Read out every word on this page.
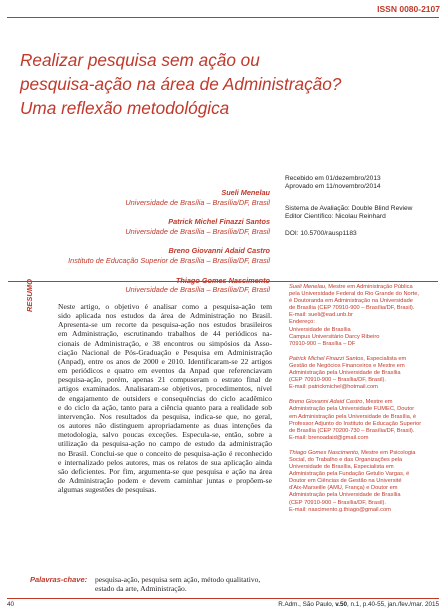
ISSN 0080-2107
Realizar pesquisa sem ação ou
pesquisa-ação na área de Administração?
Uma reflexão metodológica
Sueli Menelau
Universidade de Brasília – Brasília/DF, Brasil
Patrick Michel Finazzi Santos
Universidade de Brasília – Brasília/DF, Brasil
Breno Giovanni Adaid Castro
Instituto de Educação Superior de Brasília – Brasília/DF, Brasil
Universidade de Brasília – Brasília/DF, Brasil
Recebido em 01/dezembro/2013
Aprovado em 11/novembro/2014
Sistema de Avaliação: Double Blind Review
Editor Científico: Nicolau Reinhard
DOI: 10.5700/rausp1183
RESUMO	Neste artigo, o objetivo é analisar como a pesquisa-ação tem
sido aplicada nos estudos da área de Administração no Brasil.
Apresenta-se um recorte da pesquisa-ação nos estudos brasileiros
em Administração, escrutinando trabalhos de 44 periódicos na-
cionais de Administração, e 38 encontros ou simpósios da Asso-
ciação Nacional de Pós-Graduação e Pesquisa em Administração
(Anpad), entre os anos de 2000 e 2010. Identificaram-se 22 artigos
em periódicos e quatro em eventos da Anpad que referenciavam
pesquisa-ação, porém, apenas 21 compuseram o estrato final de
artigos examinados. Analisaram-se objetivos, procedimentos, nível
de engajamento de outsiders e consequências do ciclo acadêmico
e do ciclo da ação, tanto para a ciência quanto para a realidade sob
intervenção. Nos resultados da pesquisa, indica-se que, no geral,
os autores não distinguem apropriadamente as duas intenções da
metodologia, salvo poucas exceções. Especula-se, então, sobre a
utilização da pesquisa-ação no campo de estudo da administração
no Brasil. Conclui-se que o conceito de pesquisa-ação é reconhecido
e internalizado pelos autores, mas os relatos de sua aplicação ainda
são deficientes. Por fim, argumenta-se que pesquisa e ação na área
de Administração podem e devem caminhar juntas e propõem-se
algumas sugestões de pesquisas.
Palavras-chave: pesquisa-ação, pesquisa sem ação, método qualitativo,
estado da arte, Administração.
Sueli Menelau, Mestre em Administração Pública
pela Universidade Federal do Rio Grande do Norte,
é Doutoranda em Administração na Universidade
de Brasília (CEP 70910-900 – Brasília/DF, Brasil).
E-mail: sueli@ead.unb.br
Endereço:
Universidade de Brasília
Campus Universitário Darcy Ribeiro
70910-900 – Brasília – DF
Patrick Michel Finazzi Santos, Especialista em
Gestão de Negócios Financeiros e Mestre em
Administração pela Universidade de Brasília
(CEP 70910-900 – Brasília/DF, Brasil).
E-mail: patrickmichel@hotmail.com
Breno Giovanni Adaid Castro, Mestre em
Administração pela Universidade FUMEC, Doutor
em Administração pela Universidade de Brasília, é
Professor Adjunto do Instituto de Educação Superior
de Brasília (CEP 70200-730 – Brasília/DF, Brasil).
E-mail: brenoadaid@gmail.com
Thiago Gomes Nascimento, Mestre em Psicologia
Social, do Trabalho e das Organizações pela
Universidade de Brasília, Especialista em
Administração pela Fundação Getulio Vargas, é
Doutor em Ciências de Gestão na Université
d'Aix-Marseille (AMU, França) e Doutor em
Administração pela Universidade de Brasília
(CEP 70910-900 – Brasília/DF, Brasil).
E-mail: nascimento.g.thiago@gmail.com
40	R.Adm., São Paulo, v.50, n.1, p.40-55, jan./fev./mar. 2015
